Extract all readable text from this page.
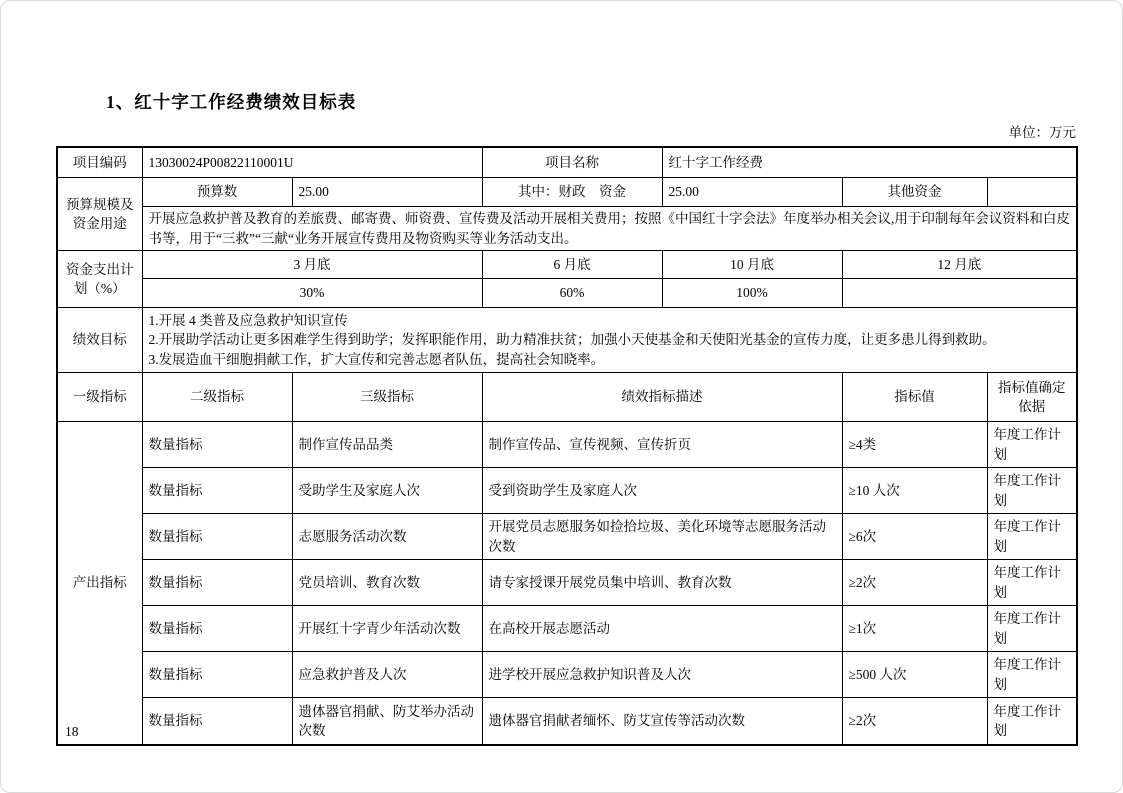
1、红十字工作经费绩效目标表
单位：万元
项目编码	13030024P00822110001U		项目名称	红十字工作经费		
预算规模及资金用途	预算数	25.00	其中：财政　资金	25.00	其他资金	
	开展应急救护普及教育的差旅费、邮寄费、师资费、宣传费及活动开展相关费用；按照《中国红十字会法》年度举办相关会议,用于印制每年会议资料和白皮书等，用于“三救”“三献“业务开展宣传费用及物资购买等业务活动支出。					
资金支出计划（%）	3 月底		6 月底	10 月底	12 月底	
	30%		60%	100%		
绩效目标	1.开展 4 类普及应急救护知识宣传
2.开展助学活动让更多困难学生得到助学；发挥职能作用，助力精准扶贫；加强小天使基金和天使阳光基金的宣传力度，让更多患儿得到救助。
3.发展造血干细胞捐献工作，扩大宣传和完善志愿者队伍，提高社会知晓率。					

一级指标	二级指标	三级指标	绩效指标描述		指标值	指标值确定依据
产出指标	数量指标	制作宣传品品类	制作宣传品、宣传视频、宣传折页		≥4类	年度工作计划
	数量指标	受助学生及家庭人次	受到资助学生及家庭人次		≥10 人次	年度工作计划
	数量指标	志愿服务活动次数	开展党员志愿服务如捡拾垃圾、美化环境等志愿服务活动次数		≥6次	年度工作计划
	数量指标	党员培训、教育次数	请专家授课开展党员集中培训、教育次数		≥2次	年度工作计划
	数量指标	开展红十字青少年活动次数	在高校开展志愿活动		≥1次	年度工作计划
	数量指标	应急救护普及人次	进学校开展应急救护知识普及人次		≥500 人次	年度工作计划
	数量指标	遗体器官捐献、防艾举办活动次数	遗体器官捐献者缅怀、防艾宣传等活动次数		≥2次	年度工作计划
18
